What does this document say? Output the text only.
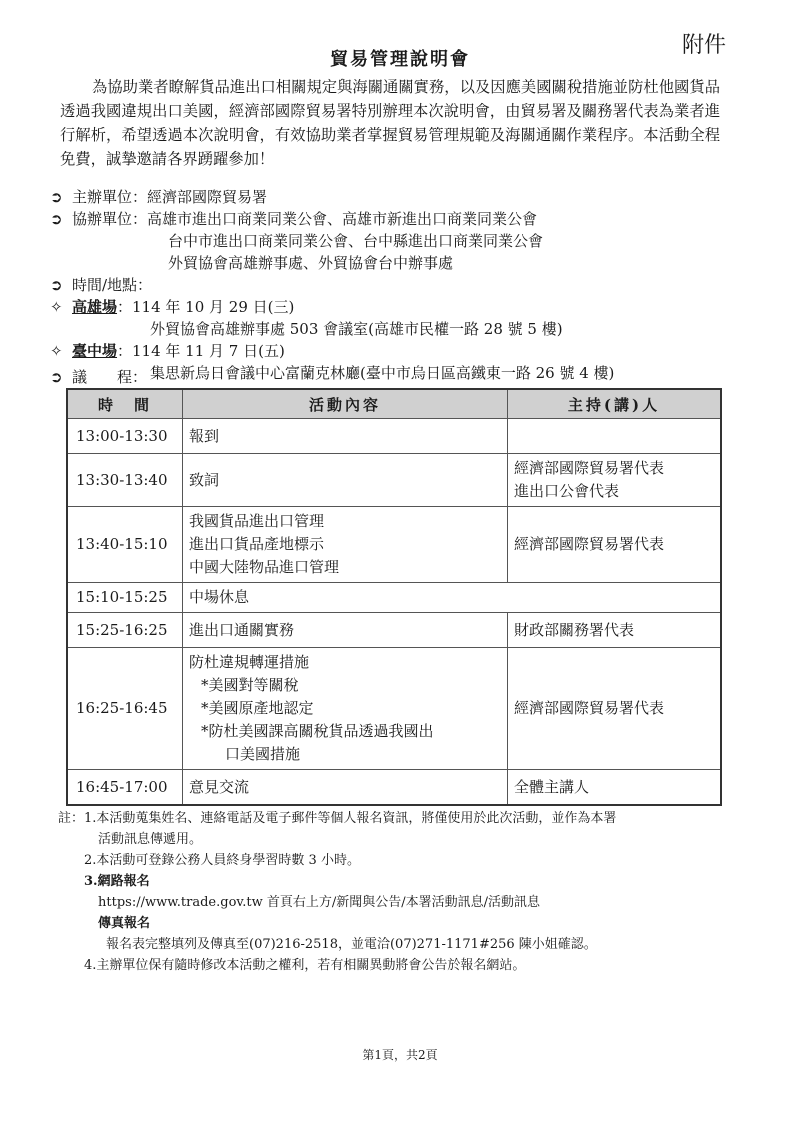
附件
貿易管理說明會
為協助業者瞭解貨品進出口相關規定與海關通關實務，以及因應美國關稅措施並防杜他國貨品透過我國違規出口美國，經濟部國際貿易署特別辦理本次說明會，由貿易署及關務署代表為業者進行解析，希望透過本次說明會，有效協助業者掌握貿易管理規範及海關通關作業程序。本活動全程免費，誠摯邀請各界踴躍參加！
➲ 主辦單位：經濟部國際貿易署
➲ 協辦單位：高雄市進出口商業同業公會、高雄市新進出口商業同業公會
台中市進出口商業同業公會、台中縣進出口商業同業公會
外貿協會高雄辦事處、外貿協會台中辦事處
➲ 時間/地點：
✧ 高雄場：114 年 10 月 29 日(三)
外貿協會高雄辦事處 503 會議室(高雄市民權一路 28 號 5 樓)
✧ 臺中場：114 年 11 月 7 日(五)
集思新烏日會議中心富蘭克林廳(臺中市烏日區高鐵東一路 26 號 4 樓)
➲ 議　　程：
時　間	活動內容	主持(講)人
13:00-13:30	報到	
13:30-13:40	致詞	經濟部國際貿易署代表
進出口公會代表

13:40-15:10	我國貨品進出口管理
進出口貨品產地標示
中國大陸物品進口管理	經濟部國際貿易署代表
15:10-15:25	中場休息	
15:25-16:25	進出口通關實務	財政部關務署代表
16:25-16:45	防杜違規轉運措施
*美國對等關稅
*美國原產地認定
*防杜美國課高關稅貨品透過我國出
口美國措施	經濟部國際貿易署代表
16:45-17:00	意見交流	全體主講人
註：1.本活動蒐集姓名、連絡電話及電子郵件等個人報名資訊，將僅使用於此次活動，並作為本署
活動訊息傳遞用。
2.本活動可登錄公務人員終身學習時數 3 小時。
3.網路報名
https://www.trade.gov.tw 首頁右上方/新聞與公告/本署活動訊息/活動訊息
傳真報名
報名表完整填列及傳真至(07)216-2518，並電洽(07)271-1171#256 陳小姐確認。
4.主辦單位保有隨時修改本活動之權利，若有相關異動將會公告於報名網站。
第1頁，共2頁
